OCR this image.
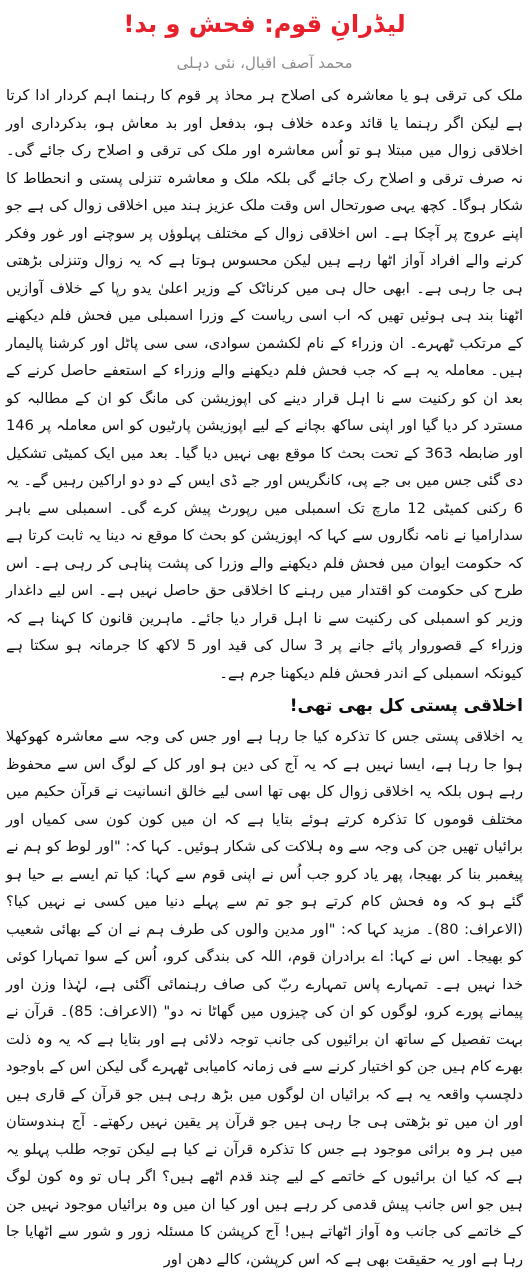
لیڈرانِ قوم: فحش و بد!
محمد آصف اقبال، نئی دہلی

ملک کی ترقی ہو یا معاشرہ کی اصلاح ہر محاذ پر قوم کا رہنما اہم کردار ادا کرتا ہے لیکن اگر رہنما یا قائد وعدہ خلاف ہو، بدفعل اور بد معاش ہو، بدکرداری اور اخلاقی زوال میں مبتلا ہو تو اُس معاشرہ اور ملک کی ترقی و اصلاح رک جائے گی۔ نہ صرف ترقی و اصلاح رک جائے گی بلکہ ملک و معاشرہ تنزلی پستی و انحطاط کا شکار ہوگا۔ کچھ یہی صورتحال اس وقت ملک عزیز ہند میں اخلاقی زوال کی ہے جو اپنے عروج پر آچکا ہے۔ اس اخلاقی زوال کے مختلف پہلوؤں پر سوچنے اور غور وفکر کرنے والے افراد آواز اٹھا رہے ہیں لیکن محسوس ہوتا ہے کہ یہ زوال وتنزلی بڑھتی ہی جا رہی ہے۔ ابھی حال ہی میں کرناٹک کے وزیر اعلیٰ یدو رپا کے خلاف آوازیں اٹھنا بند ہی ہوئیں تھیں کہ اب اسی ریاست کے وزرا اسمبلی میں فحش فلم دیکھنے کے مرتکب ٹھہرے۔ ان وزراء کے نام لکشمن سوادی، سی سی پاٹل اور کرشنا پالیمار ہیں۔ معاملہ یہ ہے کہ جب فحش فلم دیکھنے والے وزراء کے استعفے حاصل کرنے کے بعد ان کو رکنیت سے نا اہل قرار دینے کی اپوزیشن کی مانگ کو ان کے مطالبہ کو مسترد کر دیا گیا اور اپنی ساکھ بچانے کے لیے اپوزیشن پارٹیوں کو اس معاملہ پر 146 اور ضابطہ 363 کے تحت بحث کا موقع بھی نہیں دیا گیا۔ بعد میں ایک کمیٹی تشکیل دی گئی جس میں بی جے پی، کانگریس اور جے ڈی ایس کے دو دو اراکین رہیں گے۔ یہ 6 رکنی کمیٹی 12 مارچ تک اسمبلی میں رپورٹ پیش کرے گی۔ اسمبلی سے باہر سدارامیا نے نامہ نگاروں سے کہا کہ اپوزیشن کو بحث کا موقع نہ دینا یہ ثابت کرتا ہے کہ حکومت ایوان میں فحش فلم دیکھنے والے وزرا کی پشت پناہی کر رہی ہے۔ اس طرح کی حکومت کو اقتدار میں رہنے کا اخلاقی حق حاصل نہیں ہے۔ اس لیے داغدار وزیر کو اسمبلی کی رکنیت سے نا اہل قرار دیا جائے۔ ماہرین قانون کا کہنا ہے کہ وزراء کے قصوروار پائے جانے پر 3 سال کی قید اور 5 لاکھ کا جرمانہ ہو سکتا ہے کیونکہ اسمبلی کے اندر فحش فلم دیکھنا جرم ہے۔

اخلاقی پستی کل بھی تھی!

یہ اخلاقی پستی جس کا تذکرہ کیا جا رہا ہے اور جس کی وجہ سے معاشرہ کھوکھلا ہوا جا رہا ہے، ایسا نہیں ہے کہ یہ آج کی دین ہو اور کل کے لوگ اس سے محفوظ رہے ہوں بلکہ یہ اخلاقی زوال کل بھی تھا اسی لیے خالق انسانیت نے قرآن حکیم میں مختلف قوموں کا تذکرہ کرتے ہوئے بتایا ہے کہ ان میں کون کون سی کمیاں اور برائیاں تھیں جن کی وجہ سے وہ ہلاکت کی شکار ہوئیں۔ کہا کہ: "اور لوط کو ہم نے پیغمبر بنا کر بھیجا، پھر یاد کرو جب اُس نے اپنی قوم سے کہا: کیا تم ایسے بے حیا ہو گئے ہو کہ وہ فحش کام کرتے ہو جو تم سے پہلے دنیا میں کسی نے نہیں کیا؟ (الاعراف: 80)۔ مزید کہا کہ: "اور مدین والوں کی طرف ہم نے ان کے بھائی شعیب کو بھیجا۔ اس نے کہا: اے برادران قوم، اللہ کی بندگی کرو، اُس کے سوا تمہارا کوئی خدا نہیں ہے۔ تمہارے پاس تمہارے ربّ کی صاف رہنمائی آگئی ہے، لہٰذا وزن اور پیمانے پورے کرو، لوگوں کو ان کی چیزوں میں گھاٹا نہ دو" (الاعراف: 85)۔ قرآن نے بہت تفصیل کے ساتھ ان برائیوں کی جانب توجہ دلائی ہے اور بتایا ہے کہ یہ وہ ذلت بھرے کام ہیں جن کو اختیار کرنے سے فی زمانہ کامیابی ٹھہرے گی لیکن اس کے باوجود دلچسپ واقعہ یہ ہے کہ برائیاں ان لوگوں میں بڑھ رہی ہیں جو قرآن کے قاری ہیں اور ان میں تو بڑھتی ہی جا رہی ہیں جو قرآن پر یقین نہیں رکھتے۔ آج ہندوستان میں ہر وہ برائی موجود ہے جس کا تذکرہ قرآن نے کیا ہے لیکن توجہ طلب پہلو یہ ہے کہ کیا ان برائیوں کے خاتمے کے لیے چند قدم اٹھے ہیں؟ اگر ہاں تو وہ کون لوگ ہیں جو اس جانب پیش قدمی کر رہے ہیں اور کیا ان میں وہ برائیاں موجود نہیں جن کے خاتمے کی جانب وہ آواز اٹھاتے ہیں! آج کرپشن کا مسئلہ زور و شور سے اٹھایا جا رہا ہے اور یہ حقیقت بھی ہے کہ اس کرپشن، کالے دھن اور
